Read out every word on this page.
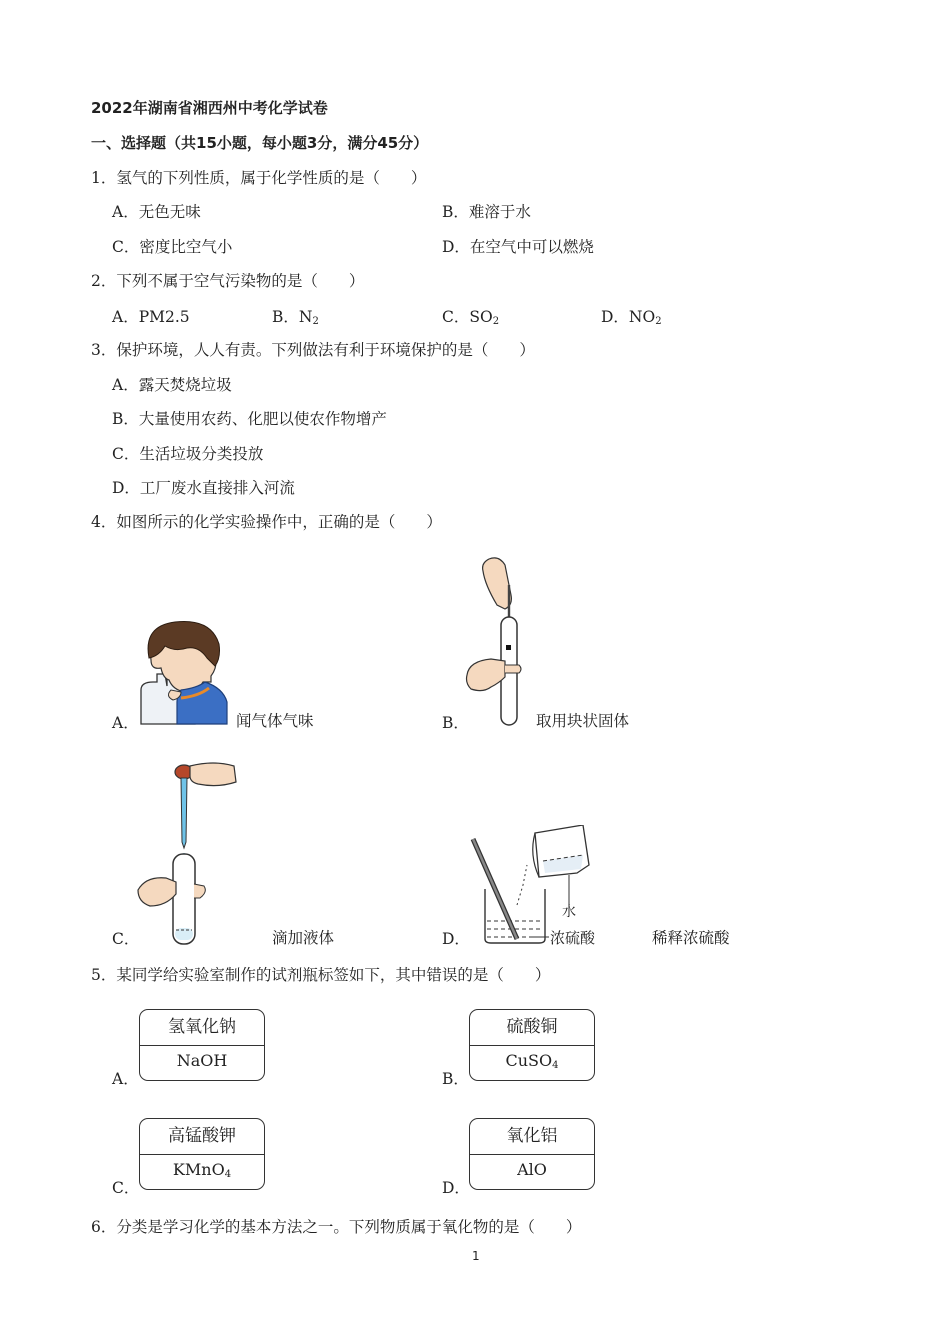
2022年湖南省湘西州中考化学试卷
一、选择题（共15小题，每小题3分，满分45分）
1．氢气的下列性质，属于化学性质的是（　　）
A．无色无味	B．难溶于水
C．密度比空气小	D．在空气中可以燃烧
2．下列不属于空气污染物的是（　　）
A．PM2.5	B．$N_2$	C．$SO_2$	D．$NO_2$
3．保护环境，人人有责。下列做法有利于环境保护的是（　　）
A．露天焚烧垃圾
B．大量使用农药、化肥以使农作物增产
C．生活垃圾分类投放
D．工厂废水直接排入河流
4．如图所示的化学实验操作中，正确的是（　　）
A．	闻气体气味	B．	取用块状固体
C．	滴加液体
水
浓硫酸
D．	稀释浓硫酸
5．某同学给实验室制作的试剂瓶标签如下，其中错误的是（　　）
氢氧化钠
NaOH
A．
硫酸铜
CuSO$_4$
B．
高锰酸钾
KMnO$_4$
C．
氧化铝
AlO
D．
6．分类是学习化学的基本方法之一。下列物质属于氧化物的是（　　）
1
